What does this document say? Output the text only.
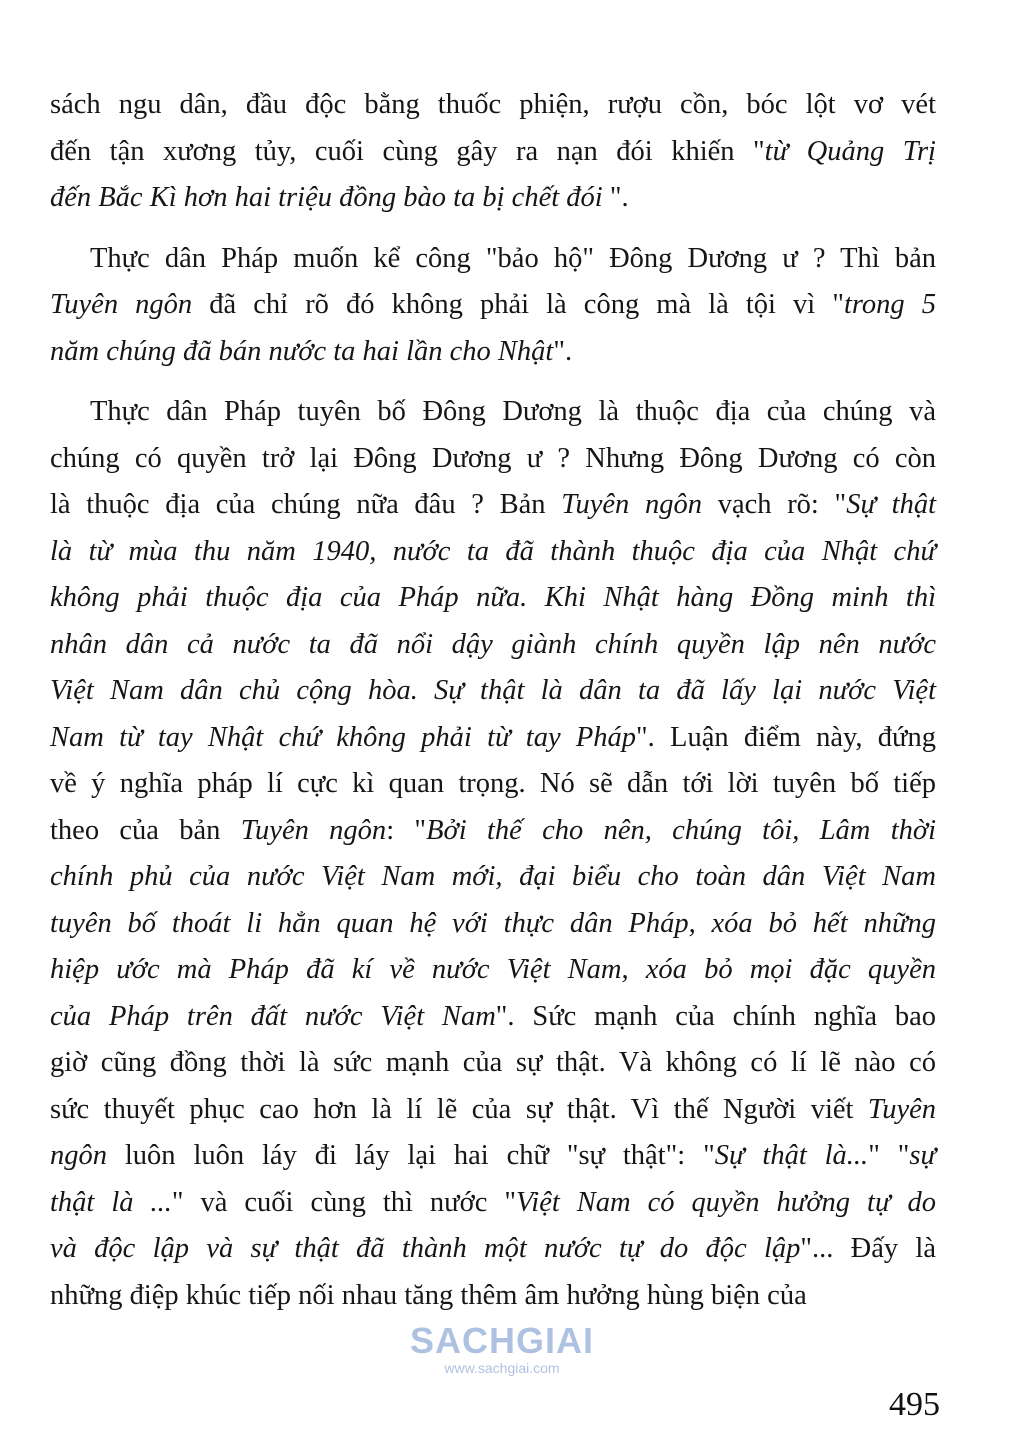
sách ngu dân, đầu độc bằng thuốc phiện, rượu cồn, bóc lột vơ vét
đến tận xương tủy, cuối cùng gây ra nạn đói khiến "từ Quảng Trị
đến Bắc Kì hơn hai triệu đồng bào ta bị chết đói ".
Thực dân Pháp muốn kể công "bảo hộ" Đông Dương ư ? Thì bản
Tuyên ngôn đã chỉ rõ đó không phải là công mà là tội vì "trong 5
năm chúng đã bán nước ta hai lần cho Nhật".
Thực dân Pháp tuyên bố Đông Dương là thuộc địa của chúng và
chúng có quyền trở lại Đông Dương ư ? Nhưng Đông Dương có còn
là thuộc địa của chúng nữa đâu ? Bản Tuyên ngôn vạch rõ: "Sự thật
là từ mùa thu năm 1940, nước ta đã thành thuộc địa của Nhật chứ
không phải thuộc địa của Pháp nữa. Khi Nhật hàng Đồng minh thì
nhân dân cả nước ta đã nổi dậy giành chính quyền lập nên nước
Việt Nam dân chủ cộng hòa. Sự thật là dân ta đã lấy lại nước Việt
Nam từ tay Nhật chứ không phải từ tay Pháp". Luận điểm này, đứng
về ý nghĩa pháp lí cực kì quan trọng. Nó sẽ dẫn tới lời tuyên bố tiếp
theo của bản Tuyên ngôn: "Bởi thế cho nên, chúng tôi, Lâm thời
chính phủ của nước Việt Nam mới, đại biểu cho toàn dân Việt Nam
tuyên bố thoát li hẳn quan hệ với thực dân Pháp, xóa bỏ hết những
hiệp ước mà Pháp đã kí về nước Việt Nam, xóa bỏ mọi đặc quyền
của Pháp trên đất nước Việt Nam". Sức mạnh của chính nghĩa bao
giờ cũng đồng thời là sức mạnh của sự thật. Và không có lí lẽ nào có
sức thuyết phục cao hơn là lí lẽ của sự thật. Vì thế Người viết Tuyên
ngôn luôn luôn láy đi láy lại hai chữ "sự thật": "Sự thật là..." "sự
thật là ..." và cuối cùng thì nước "Việt Nam có quyền hưởng tự do
và độc lập và sự thật đã thành một nước tự do độc lập"... Đấy là
những điệp khúc tiếp nối nhau tăng thêm âm hưởng hùng biện của
SACHGIAI
www.sachgiai.com
495
